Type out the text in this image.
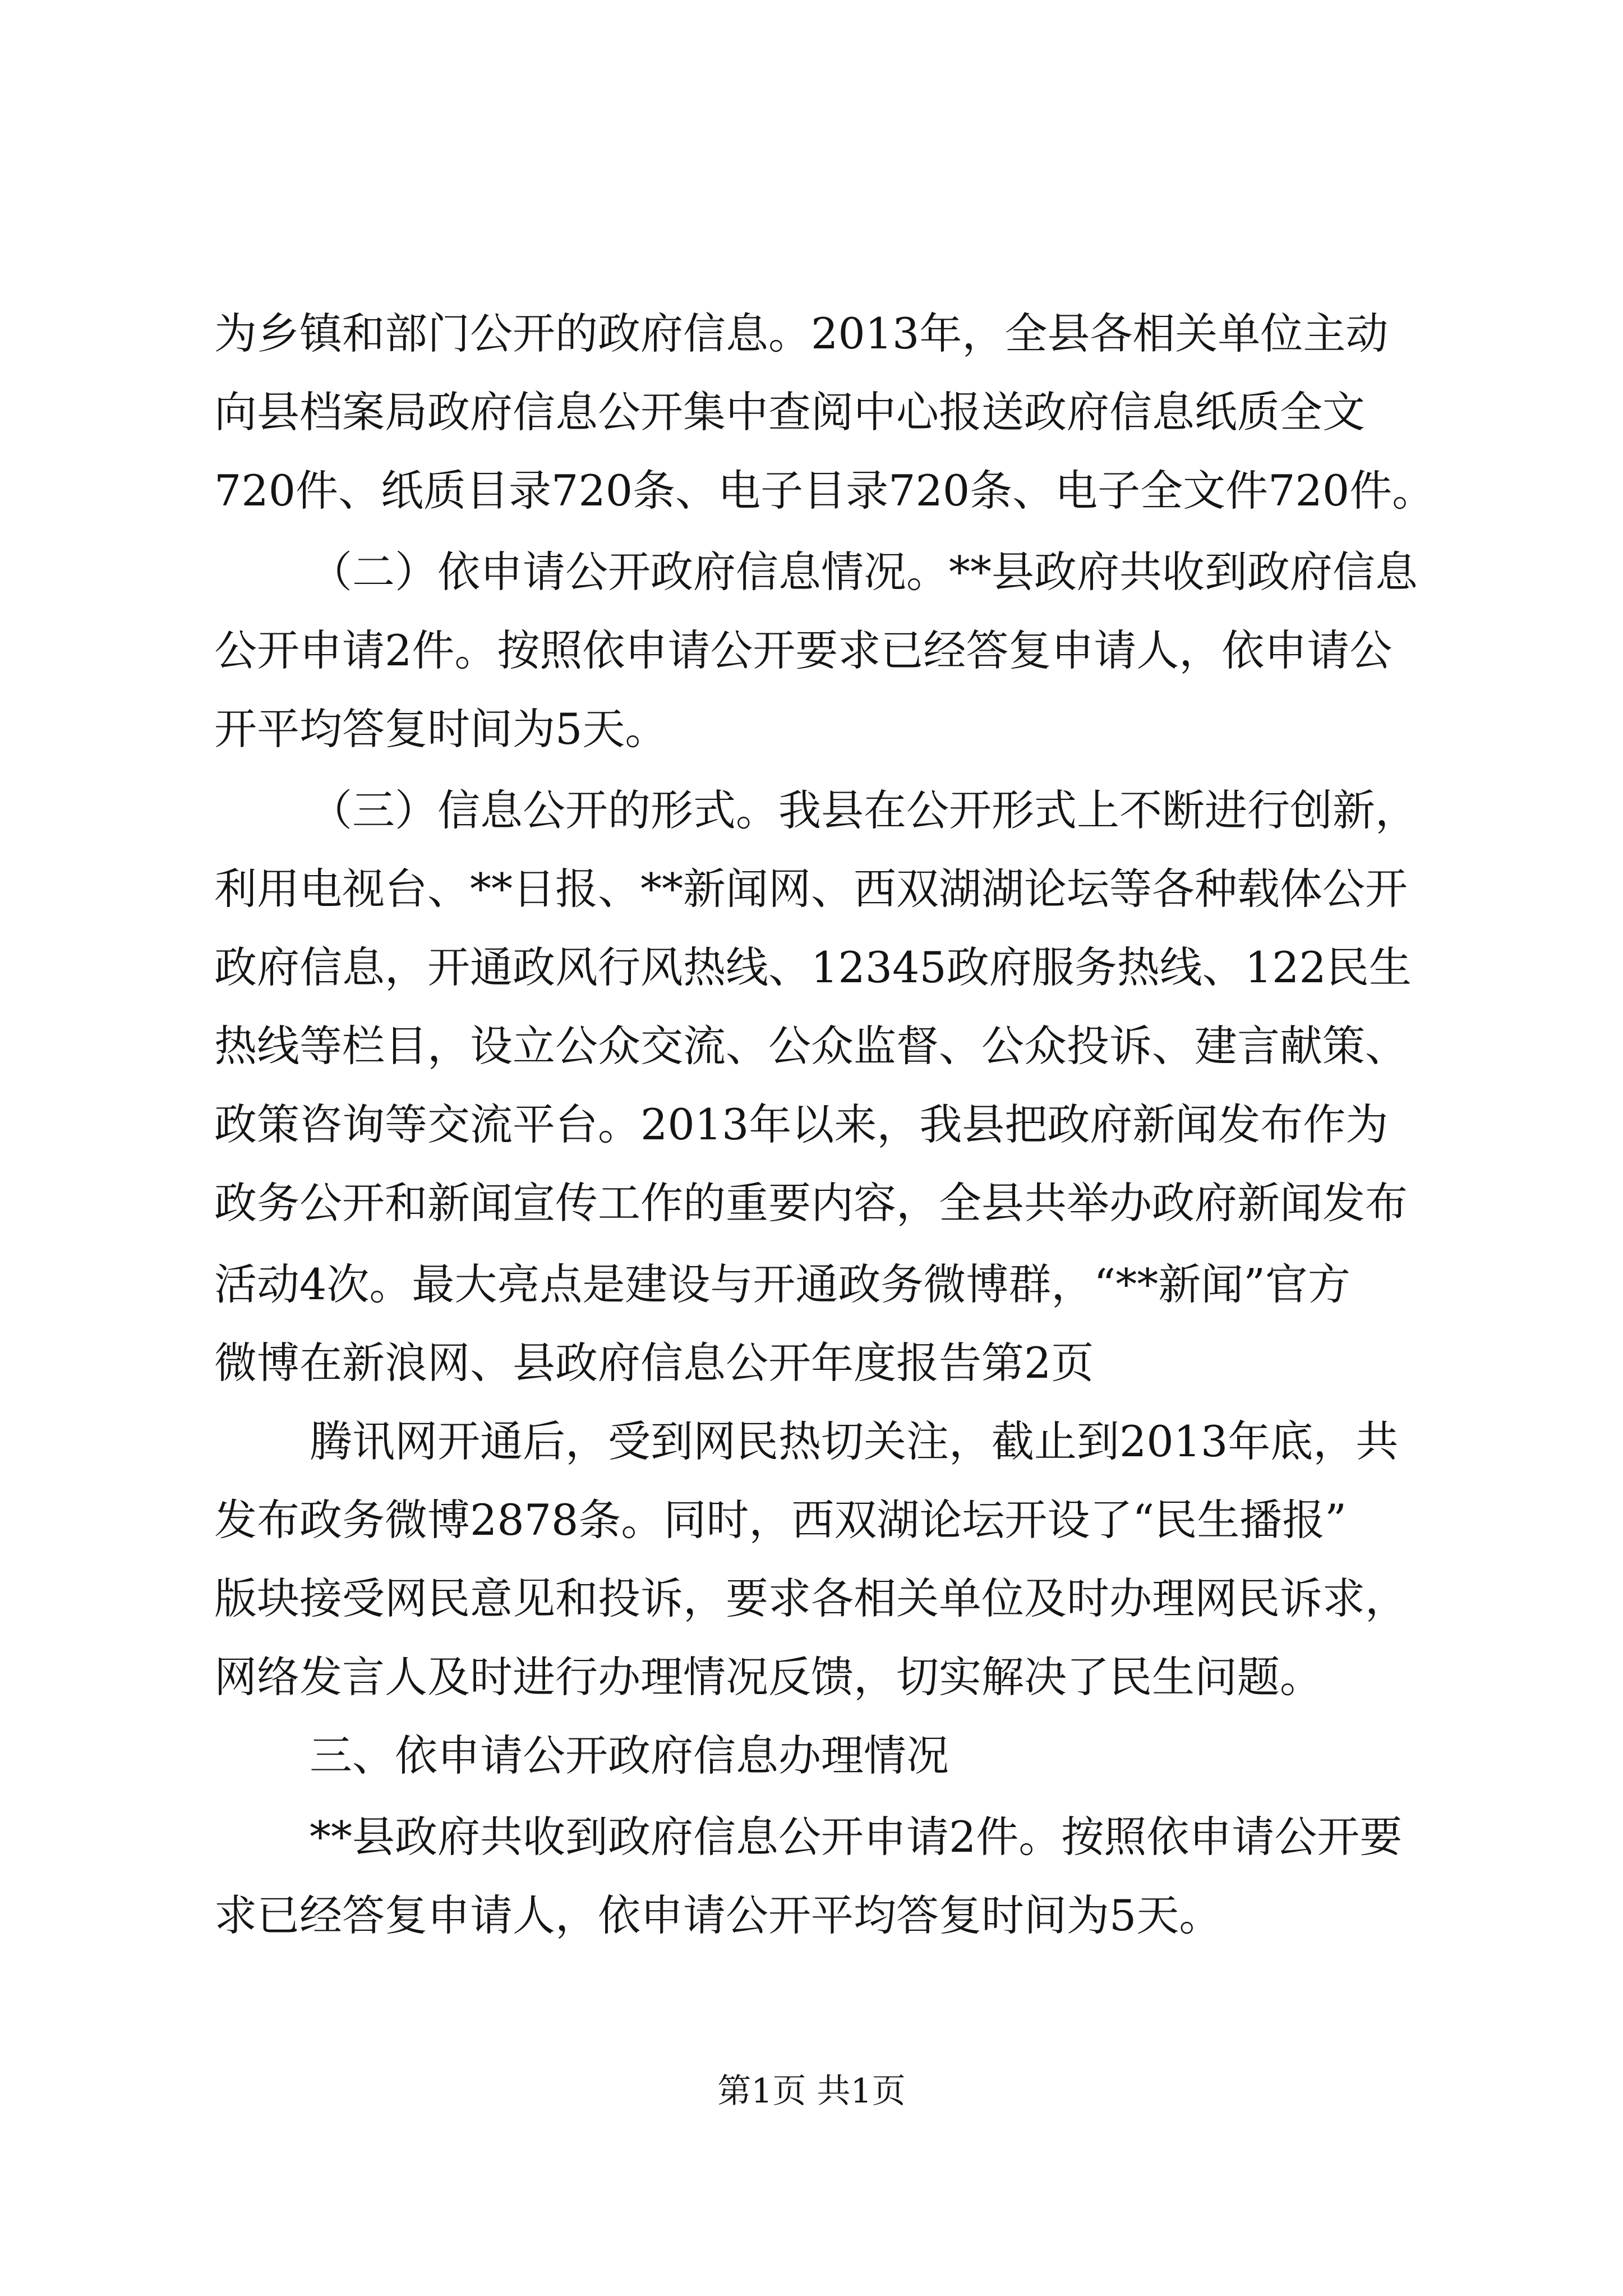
为乡镇和部门公开的政府信息。2013年，全县各相关单位主动
向县档案局政府信息公开集中查阅中心报送政府信息纸质全文
720件、纸质目录720条、电子目录720条、电子全文件720件。
（二）依申请公开政府信息情况。**县政府共收到政府信息
公开申请2件。按照依申请公开要求已经答复申请人，依申请公
开平均答复时间为5天。
（三）信息公开的形式。我县在公开形式上不断进行创新，
利用电视台、**日报、**新闻网、西双湖湖论坛等各种载体公开
政府信息，开通政风行风热线、12345政府服务热线、122民生
热线等栏目，设立公众交流、公众监督、公众投诉、建言献策、
政策咨询等交流平台。2013年以来，我县把政府新闻发布作为
政务公开和新闻宣传工作的重要内容，全县共举办政府新闻发布
活动4次。最大亮点是建设与开通政务微博群，“**新闻”官方
微博在新浪网、县政府信息公开年度报告第2页
腾讯网开通后，受到网民热切关注，截止到2013年底，共
发布政务微博2878条。同时，西双湖论坛开设了“民生播报”
版块接受网民意见和投诉，要求各相关单位及时办理网民诉求，
网络发言人及时进行办理情况反馈，切实解决了民生问题。
三、依申请公开政府信息办理情况
**县政府共收到政府信息公开申请2件。按照依申请公开要
求已经答复申请人，依申请公开平均答复时间为5天。
第1页 共1页
